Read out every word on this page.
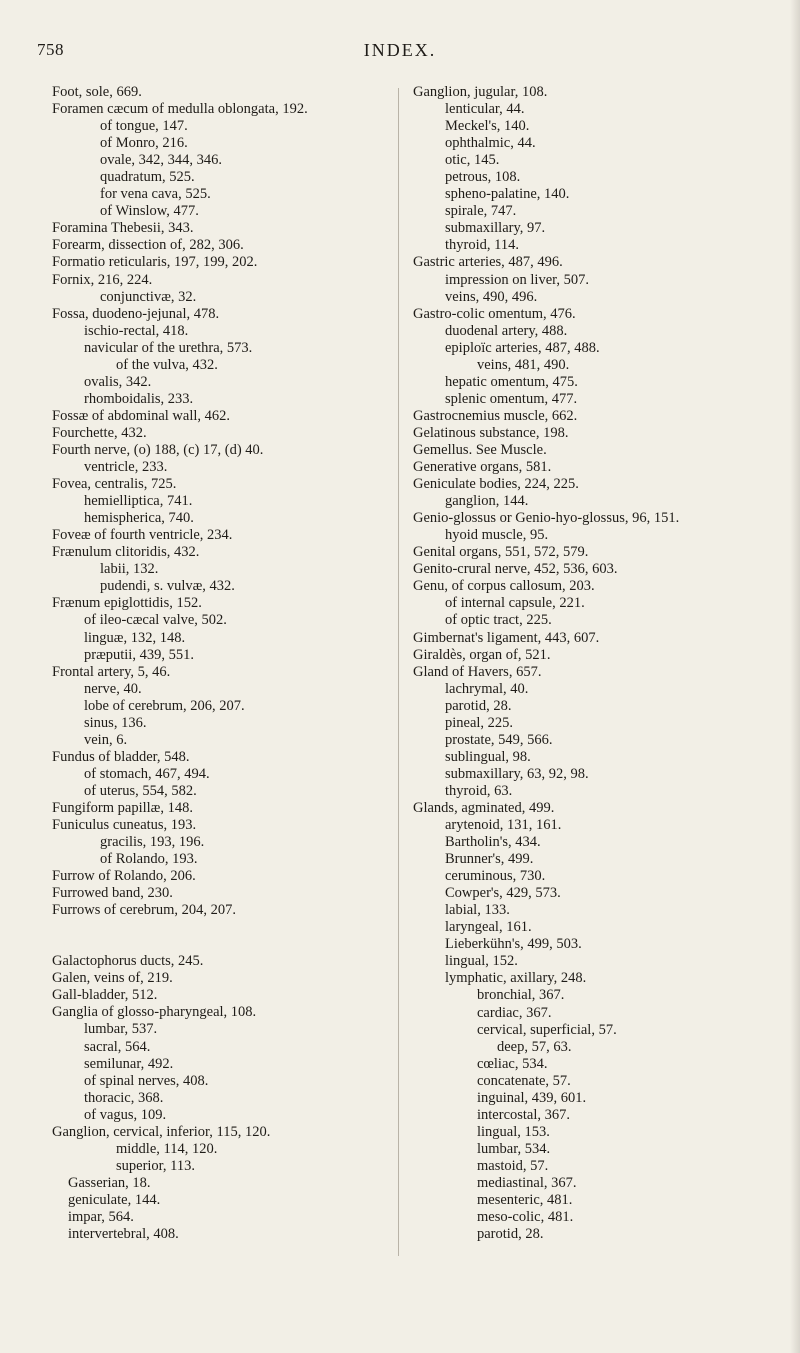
758	INDEX.
Foot, sole, 669.
Foramen cæcum of medulla oblongata, 192.
of tongue, 147.
of Monro, 216.
ovale, 342, 344, 346.
quadratum, 525.
for vena cava, 525.
of Winslow, 477.
Foramina Thebesii, 343.
Forearm, dissection of, 282, 306.
Formatio reticularis, 197, 199, 202.
Fornix, 216, 224.
conjunctivæ, 32.
Fossa, duodeno-jejunal, 478.
ischio-rectal, 418.
navicular of the urethra, 573.
of the vulva, 432.
ovalis, 342.
rhomboidalis, 233.
Fossæ of abdominal wall, 462.
Fourchette, 432.
Fourth nerve, (o) 188, (c) 17, (d) 40.
ventricle, 233.
Fovea, centralis, 725.
hemielliptica, 741.
hemispherica, 740.
Foveæ of fourth ventricle, 234.
Frænulum clitoridis, 432.
labii, 132.
pudendi, s. vulvæ, 432.
Frænum epiglottidis, 152.
of ileo-cæcal valve, 502.
linguæ, 132, 148.
præputii, 439, 551.
Frontal artery, 5, 46.
nerve, 40.
lobe of cerebrum, 206, 207.
sinus, 136.
vein, 6.
Fundus of bladder, 548.
of stomach, 467, 494.
of uterus, 554, 582.
Fungiform papillæ, 148.
Funiculus cuneatus, 193.
gracilis, 193, 196.
of Rolando, 193.
Furrow of Rolando, 206.
Furrowed band, 230.
Furrows of cerebrum, 204, 207.
Galactophorus ducts, 245.
Galen, veins of, 219.
Gall-bladder, 512.
Ganglia of glosso-pharyngeal, 108.
lumbar, 537.
sacral, 564.
semilunar, 492.
of spinal nerves, 408.
thoracic, 368.
of vagus, 109.
Ganglion, cervical, inferior, 115, 120.
middle, 114, 120.
superior, 113.
Gasserian, 18.
geniculate, 144.
impar, 564.
intervertebral, 408.
Ganglion, jugular, 108.
lenticular, 44.
Meckel's, 140.
ophthalmic, 44.
otic, 145.
petrous, 108.
spheno-palatine, 140.
spirale, 747.
submaxillary, 97.
thyroid, 114.
Gastric arteries, 487, 496.
impression on liver, 507.
veins, 490, 496.
Gastro-colic omentum, 476.
duodenal artery, 488.
epiploïc arteries, 487, 488.
veins, 481, 490.
hepatic omentum, 475.
splenic omentum, 477.
Gastrocnemius muscle, 662.
Gelatinous substance, 198.
Gemellus. See Muscle.
Generative organs, 581.
Geniculate bodies, 224, 225.
ganglion, 144.
Genio-glossus or Genio-hyo-glossus, 96, 151.
hyoid muscle, 95.
Genital organs, 551, 572, 579.
Genito-crural nerve, 452, 536, 603.
Genu, of corpus callosum, 203.
of internal capsule, 221.
of optic tract, 225.
Gimbernat's ligament, 443, 607.
Giraldès, organ of, 521.
Gland of Havers, 657.
lachrymal, 40.
parotid, 28.
pineal, 225.
prostate, 549, 566.
sublingual, 98.
submaxillary, 63, 92, 98.
thyroid, 63.
Glands, agminated, 499.
arytenoid, 131, 161.
Bartholin's, 434.
Brunner's, 499.
ceruminous, 730.
Cowper's, 429, 573.
labial, 133.
laryngeal, 161.
Lieberkühn's, 499, 503.
lingual, 152.
lymphatic, axillary, 248.
bronchial, 367.
cardiac, 367.
cervical, superficial, 57.
deep, 57, 63.
cœliac, 534.
concatenate, 57.
inguinal, 439, 601.
intercostal, 367.
lingual, 153.
lumbar, 534.
mastoid, 57.
mediastinal, 367.
mesenteric, 481.
meso-colic, 481.
parotid, 28.
